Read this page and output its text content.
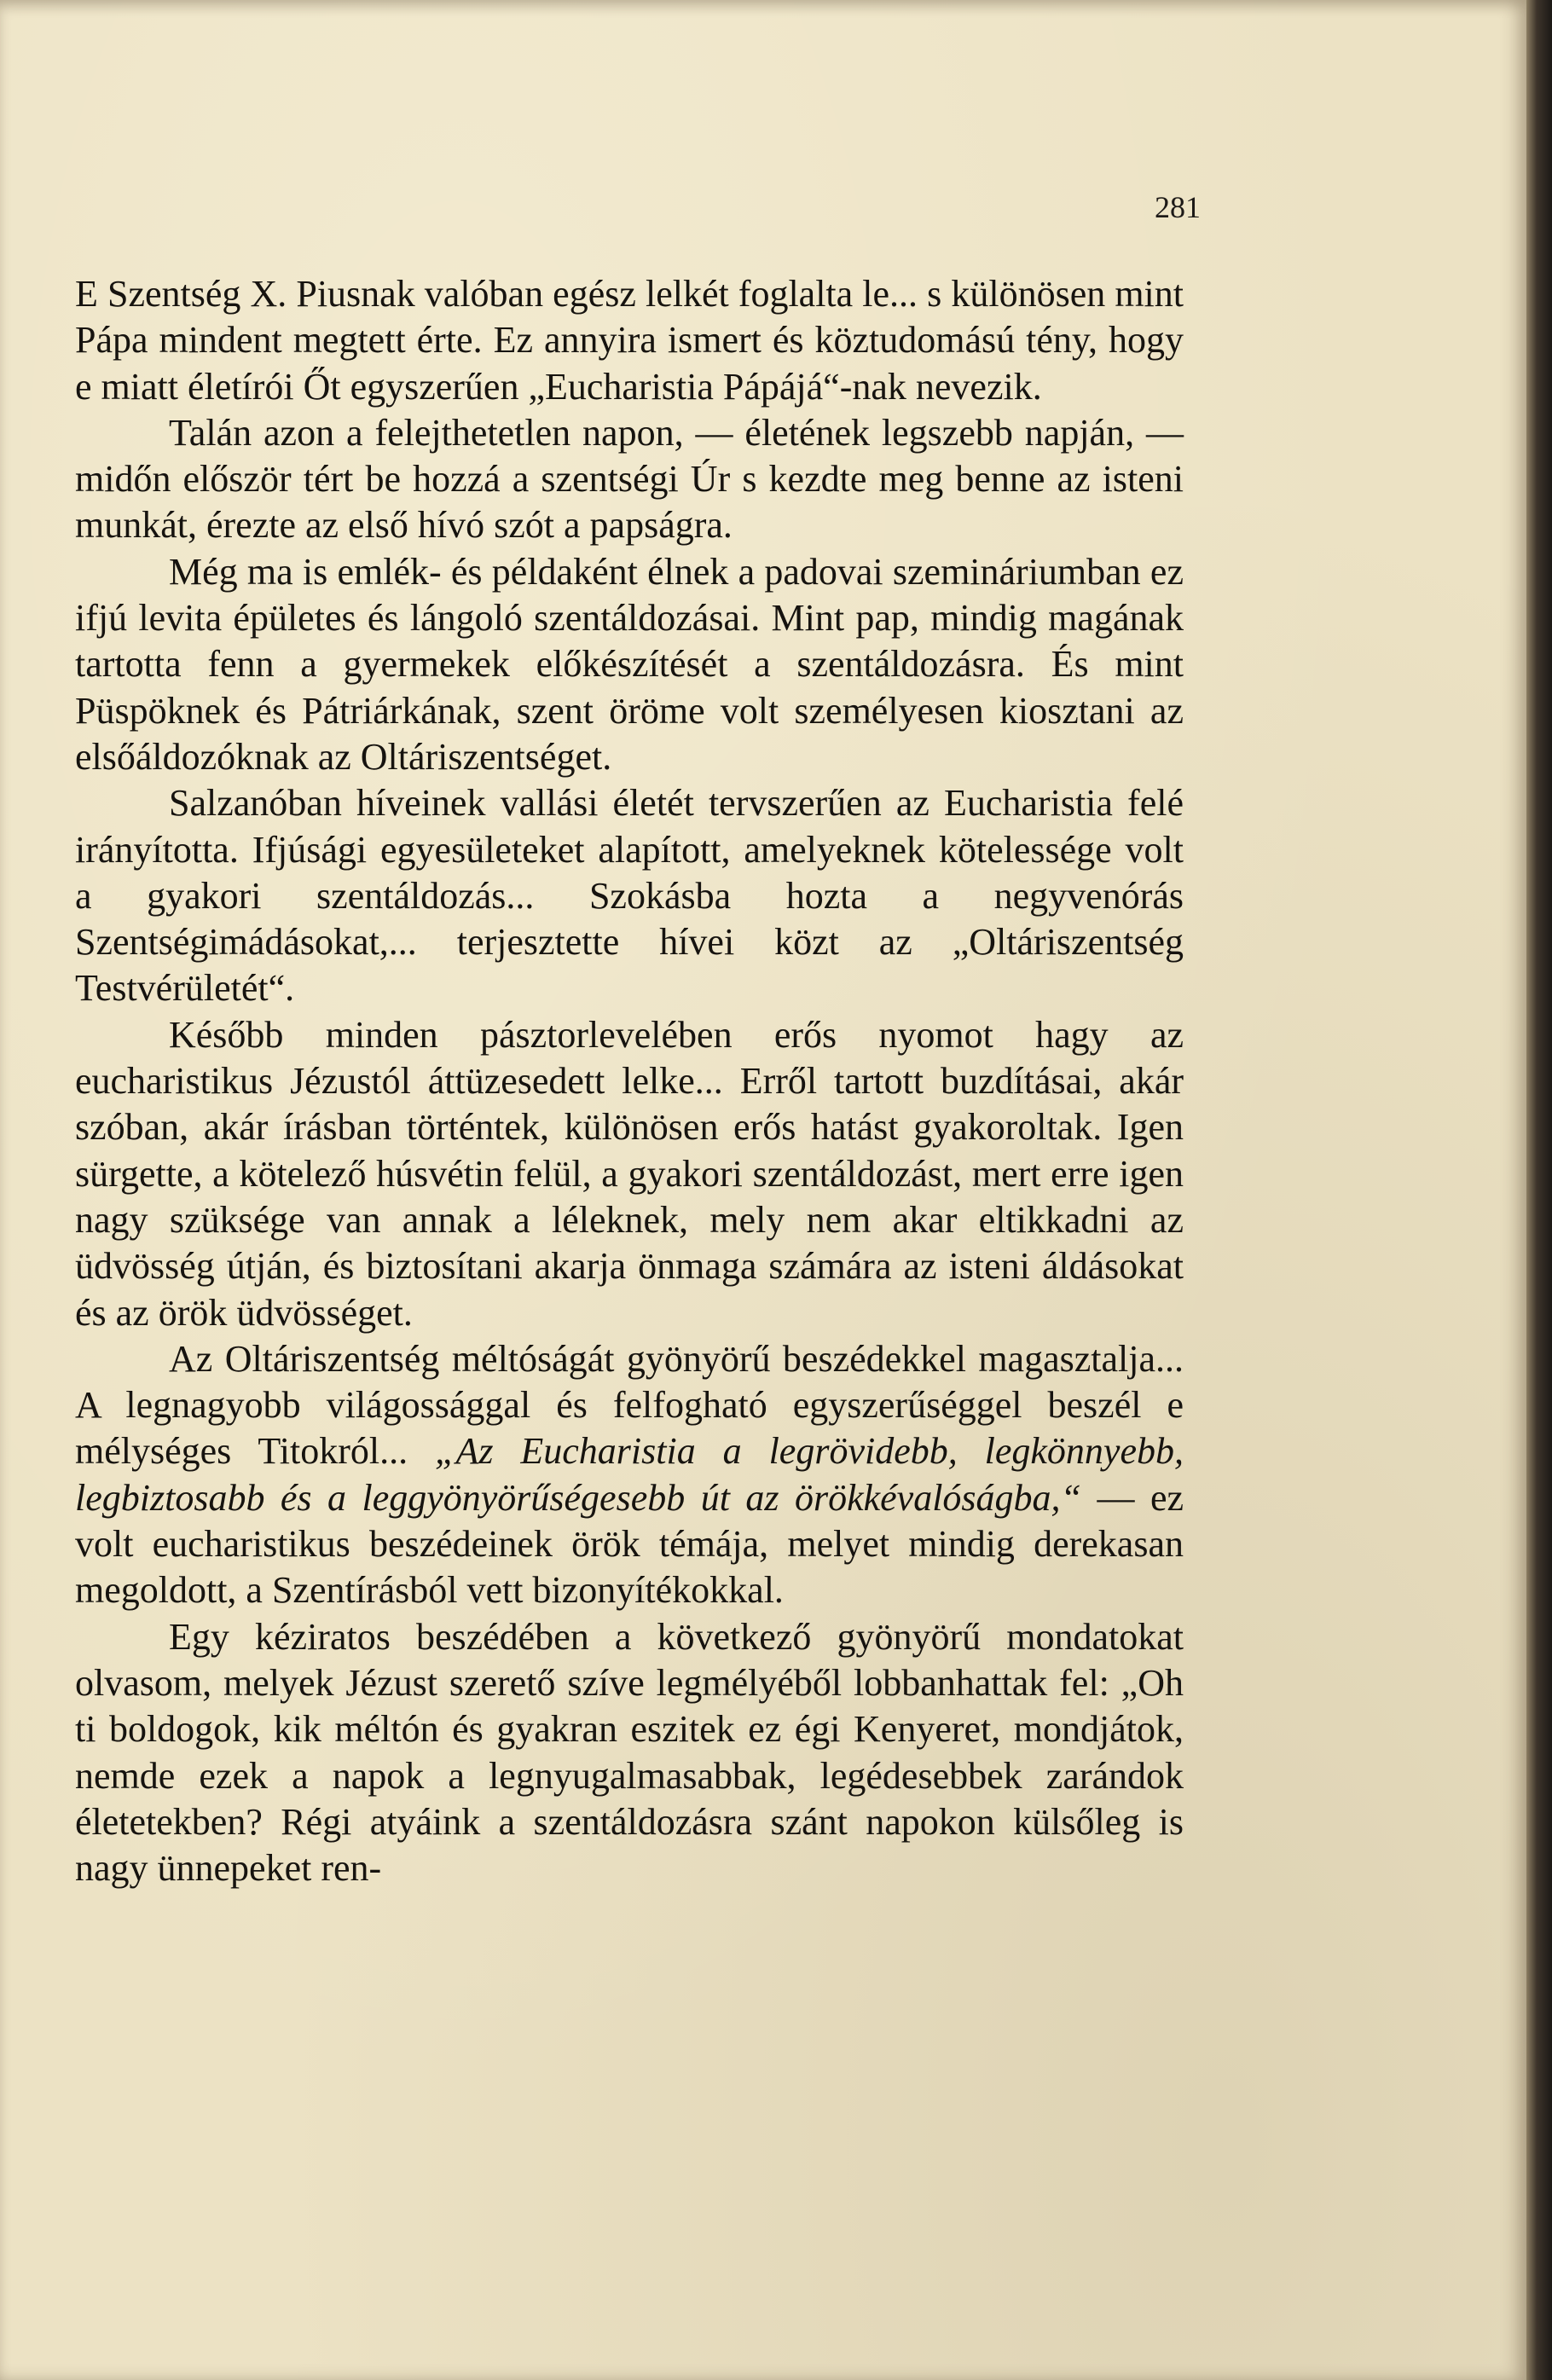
281

E Szentség X. Piusnak valóban egész lelkét foglalta le... s különösen mint Pápa mindent megtett érte. Ez annyira ismert és köztudomású tény, hogy e miatt életírói Őt egyszerűen „Eucharistia Pápájá“-nak nevezik.

Talán azon a felejthetetlen napon, — életének legszebb napján, — midőn először tért be hozzá a szentségi Úr s kezdte meg benne az isteni munkát, érezte az első hívó szót a papságra.

Még ma is emlék- és példaként élnek a padovai szemináriumban ez ifjú levita épületes és lángoló szentáldozásai. Mint pap, mindig magának tartotta fenn a gyermekek előkészítését a szentáldozásra. És mint Püspöknek és Pátriárkának, szent öröme volt személyesen kiosztani az elsőáldozóknak az Oltáriszentséget.

Salzanóban híveinek vallási életét tervszerűen az Eucharistia felé irányította. Ifjúsági egyesületeket alapított, amelyeknek kötelessége volt a gyakori szentáldozás... Szokásba hozta a negyvenórás Szentségimádásokat,... terjesztette hívei közt az „Oltáriszentség Testvérületét“.

Később minden pásztorlevelében erős nyomot hagy az eucharistikus Jézustól áttüzesedett lelke... Erről tartott buzdításai, akár szóban, akár írásban történtek, különösen erős hatást gyakoroltak. Igen sürgette, a kötelező húsvétin felül, a gyakori szentáldozást, mert erre igen nagy szüksége van annak a léleknek, mely nem akar eltikkadni az üdvösség útján, és biztosítani akarja önmaga számára az isteni áldásokat és az örök üdvösséget.

Az Oltáriszentség méltóságát gyönyörű beszédekkel magasztalja... A legnagyobb világossággal és felfogható egyszerűséggel beszél e mélységes Titokról... „Az Eucharistia a legrövidebb, legkönnyebb, legbiztosabb és a leggyönyörűségesebb út az örökkévalóságba,“ — ez volt eucharistikus beszédeinek örök témája, melyet mindig derekasan megoldott, a Szentírásból vett bizonyítékokkal.

Egy kéziratos beszédében a következő gyönyörű mondatokat olvasom, melyek Jézust szerető szíve legmélyéből lobbanhattak fel: „Oh ti boldogok, kik méltón és gyakran eszitek ez égi Kenyeret, mondjátok, nemde ezek a napok a legnyugalmasabbak, legédesebbek zarándok életetekben? Régi atyáink a szentáldozásra szánt napokon külsőleg is nagy ünnepeket ren-
